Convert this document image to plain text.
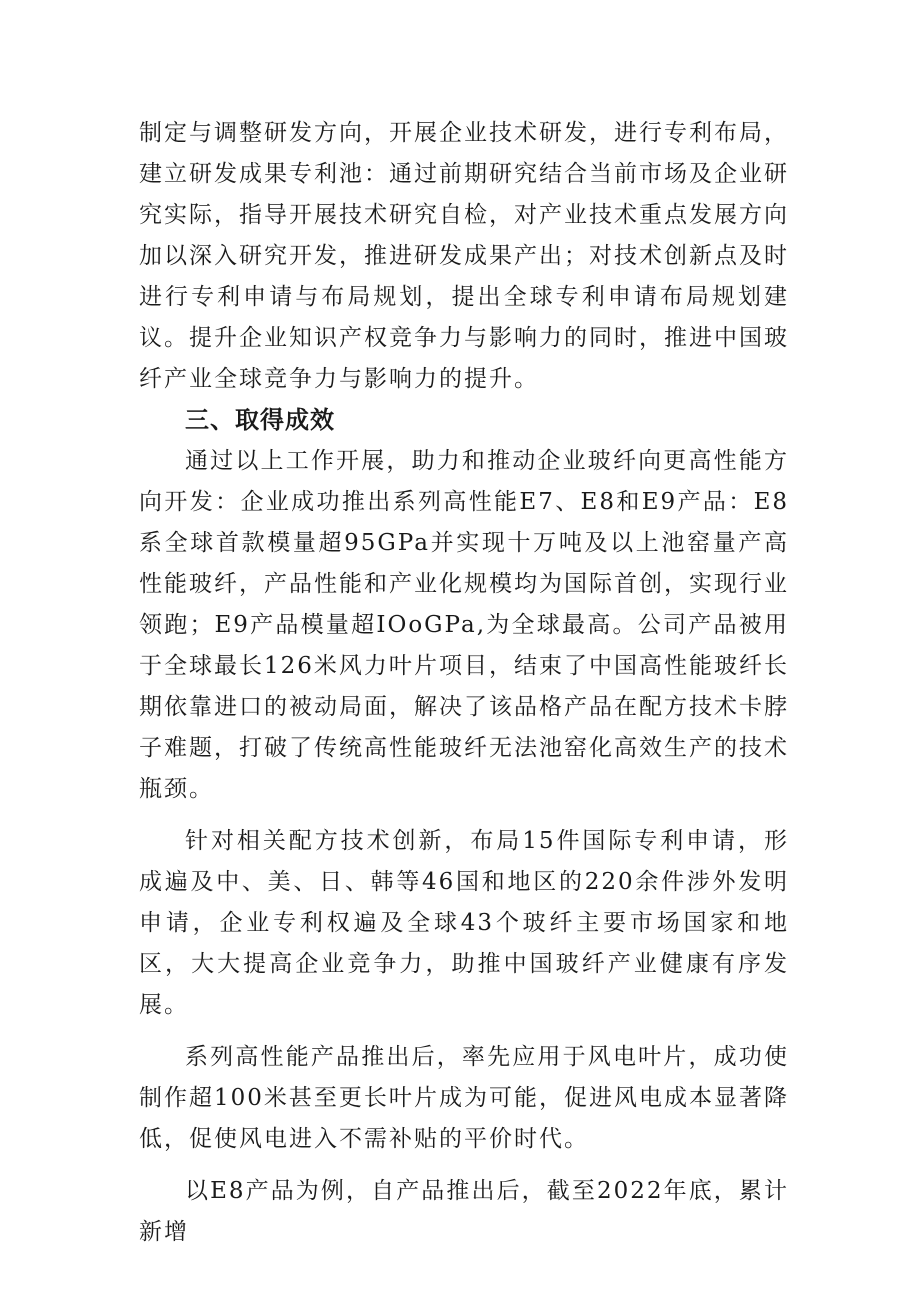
制定与调整研发方向，开展企业技术研发，进行专利布局，建立研发成果专利池：通过前期研究结合当前市场及企业研究实际，指导开展技术研究自检，对产业技术重点发展方向加以深入研究开发，推进研发成果产出；对技术创新点及时进行专利申请与布局规划，提出全球专利申请布局规划建议。提升企业知识产权竞争力与影响力的同时，推进中国玻纤产业全球竞争力与影响力的提升。

三、取得成效

通过以上工作开展，助力和推动企业玻纤向更高性能方向开发：企业成功推出系列高性能E7、E8和E9产品：E8系全球首款模量超95GPa并实现十万吨及以上池窑量产高性能玻纤，产品性能和产业化规模均为国际首创，实现行业领跑；E9产品模量超IOoGPa,为全球最高。公司产品被用于全球最长126米风力叶片项目，结束了中国高性能玻纤长期依靠进口的被动局面，解决了该品格产品在配方技术卡脖子难题，打破了传统高性能玻纤无法池窑化高效生产的技术瓶颈。

针对相关配方技术创新，布局15件国际专利申请，形成遍及中、美、日、韩等46国和地区的220余件涉外发明申请，企业专利权遍及全球43个玻纤主要市场国家和地区，大大提高企业竞争力，助推中国玻纤产业健康有序发展。

系列高性能产品推出后，率先应用于风电叶片，成功使制作超100米甚至更长叶片成为可能，促进风电成本显著降低，促使风电进入不需补贴的平价时代。

以E8产品为例，自产品推出后，截至2022年底，累计新增
